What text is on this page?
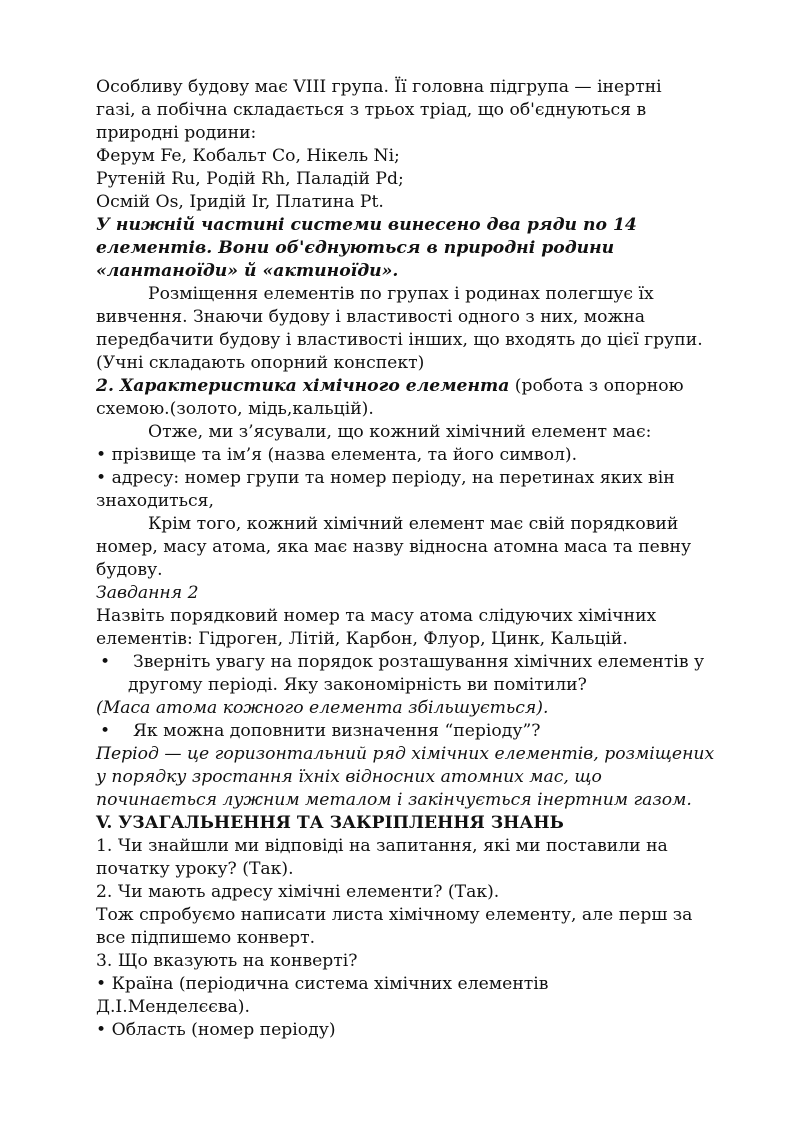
Особливу будову має VIII група. Її головна підгрупа — інертні
газі, а побічна складається з трьох тріад, що об'єднуються в
природні родини:
Ферум Fe, Кобальт Co, Нікель Ni;
Рутеній Ru, Родій Rh, Паладій Pd;
Осмій Os, Іридій Ir, Платина Pt.
У нижній частині системи винесено два ряди по 14
елементів. Вони об'єднуються в природні родини
«лантаноїди» й «актиноїди».
Розміщення елементів по групах і родинах полегшує їх
вивчення. Знаючи будову і властивості одного з них, можна
передбачити будову і властивості інших, що входять до цієї групи.
(Учні складають опорний конспект)
2. Характеристика хімічного елемента (робота з опорною
схемою.(золото, мідь,кальцій).
Отже, ми з’ясували, що кожний хімічний елемент має:
• прізвище та ім’я (назва елемента, та його символ).
• адресу: номер групи та номер періоду, на перетинах яких він
знаходиться,
Крім того, кожний хімічний елемент має свій порядковий
номер, масу атома, яка має назву відносна атомна маса та певну
будову.
Завдання 2
Назвіть порядковий номер та масу атома слідуючих хімічних
елементів: Гідроген, Літій, Карбон, Флуор, Цинк, Кальцій.
• Зверніть увагу на порядок розташування хімічних елементів у
другому періоді. Яку закономірність ви помітили?
(Маса атома кожного елемента збільшується).
• Як можна доповнити визначення “періоду”?
Період — це горизонтальний ряд хімічних елементів, розміщених
у порядку зростання їхніх відносних атомних мас, що
починається лужним металом і закінчується інертним газом.
V. УЗАГАЛЬНЕННЯ ТА ЗАКРІПЛЕННЯ ЗНАНЬ
1. Чи знайшли ми відповіді на запитання, які ми поставили на
початку уроку? (Так).
2. Чи мають адресу хімічні елементи? (Так).
Тож спробуємо написати листа хімічному елементу, але перш за
все підпишемо конверт.
3. Що вказують на конверті?
• Країна (періодична система хімічних елементів
Д.І.Менделєєва).
• Область (номер періоду)
